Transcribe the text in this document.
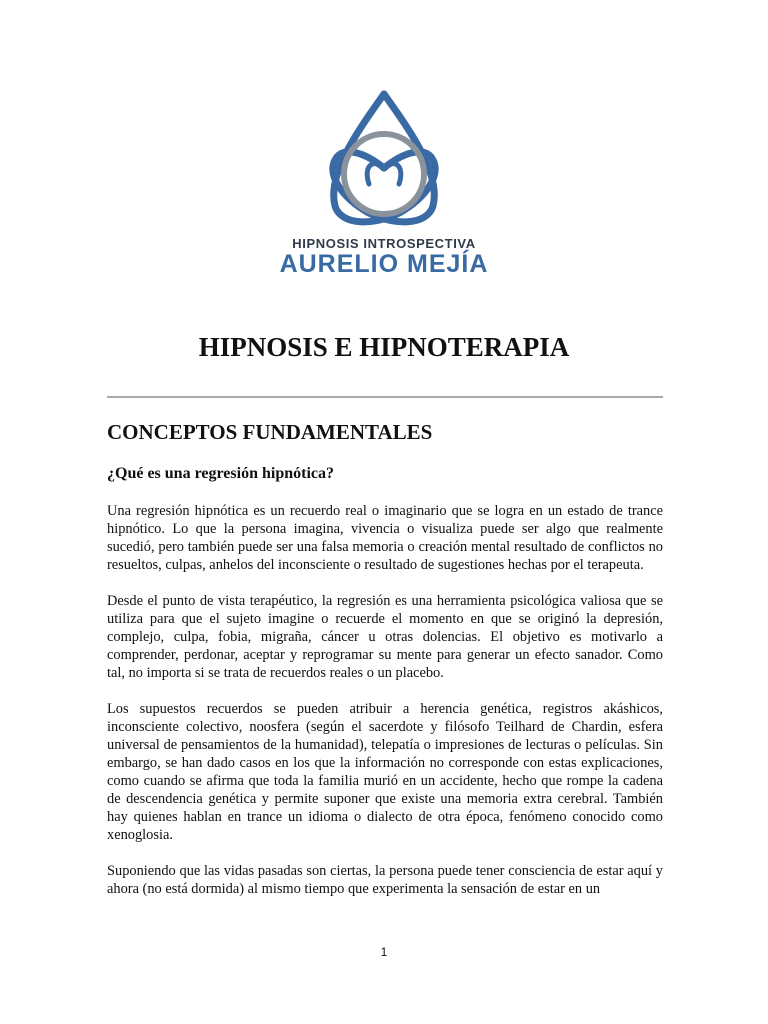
HIPNOSIS INTROSPECTIVA
AURELIO MEJÍA
HIPNOSIS E HIPNOTERAPIA
CONCEPTOS FUNDAMENTALES
¿Qué es una regresión hipnótica?

Una regresión hipnótica es un recuerdo real o imaginario que se logra en un estado de trance hipnótico. Lo que la persona imagina, vivencia o visualiza puede ser algo que realmente sucedió, pero también puede ser una falsa memoria o creación mental resultado de conflictos no resueltos, culpas, anhelos del inconsciente o resultado de sugestiones hechas por el terapeuta.

Desde el punto de vista terapéutico, la regresión es una herramienta psicológica valiosa que se utiliza para que el sujeto imagine o recuerde el momento en que se originó la depresión, complejo, culpa, fobia, migraña, cáncer u otras dolencias. El objetivo es motivarlo a comprender, perdonar, aceptar y reprogramar su mente para generar un efecto sanador. Como tal, no importa si se trata de recuerdos reales o un placebo.

Los supuestos recuerdos se pueden atribuir a herencia genética, registros akáshicos, inconsciente colectivo, noosfera (según el sacerdote y filósofo Teilhard de Chardin, esfera universal de pensamientos de la humanidad), telepatía o impresiones de lecturas o películas. Sin embargo, se han dado casos en los que la información no corresponde con estas explicaciones, como cuando se afirma que toda la familia murió en un accidente, hecho que rompe la cadena de descendencia genética y permite suponer que existe una memoria extra cerebral. También hay quienes hablan en trance un idioma o dialecto de otra época, fenómeno conocido como xenoglosia.

Suponiendo que las vidas pasadas son ciertas, la persona puede tener consciencia de estar aquí y ahora (no está dormida) al mismo tiempo que experimenta la sensación de estar en un

1
